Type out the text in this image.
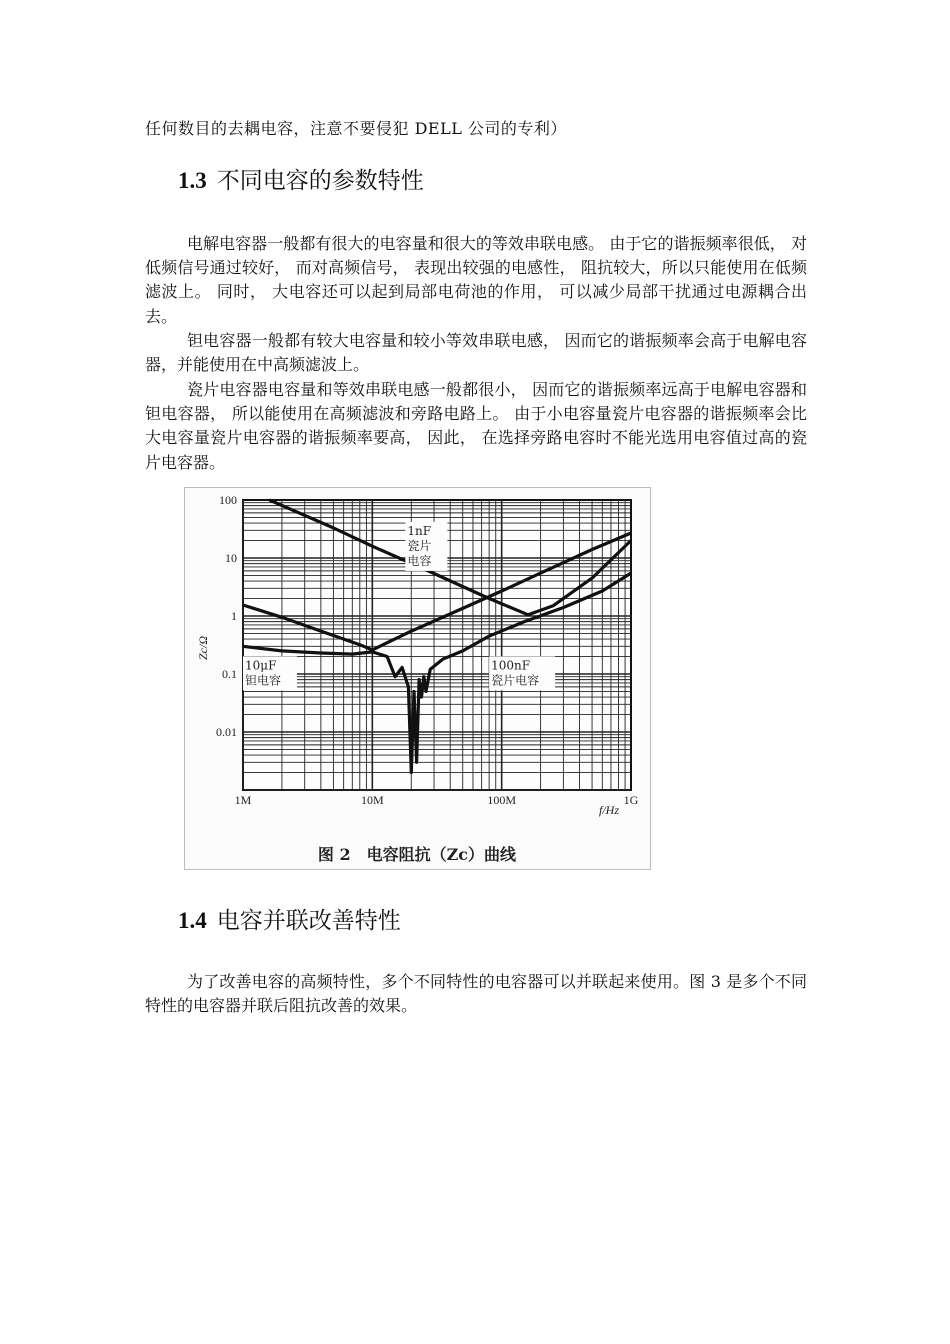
任何数目的去耦电容，注意不要侵犯 DELL 公司的专利）
1.3 不同电容的参数特性

电解电容器一般都有很大的电容量和很大的等效串联电感。 由于它的谐振频率很低， 对低频信号通过较好， 而对高频信号， 表现出较强的电感性， 阻抗较大，所以只能使用在低频滤波上。 同时， 大电容还可以起到局部电荷池的作用， 可以减少局部干扰通过电源耦合出去。

钽电容器一般都有较大电容量和较小等效串联电感， 因而它的谐振频率会高于电解电容器，并能使用在中高频滤波上。

瓷片电容器电容量和等效串联电感一般都很小， 因而它的谐振频率远高于电解电容器和钽电容器， 所以能使用在高频滤波和旁路电路上。 由于小电容量瓷片电容器的谐振频率会比大电容量瓷片电容器的谐振频率要高， 因此， 在选择旁路电容时不能光选用电容值过高的瓷片电容器。

1M	10M	100M	1G
100
10
1
0.1
0.01
1nF 瓷片电容
100nF 瓷片电容
10μF 钽电容
图 2　电容阻抗（Zc）曲线
f/Hz
Zc/Ω
1.4 电容并联改善特性

为了改善电容的高频特性，多个不同特性的电容器可以并联起来使用。图 3 是多个不同特性的电容器并联后阻抗改善的效果。
